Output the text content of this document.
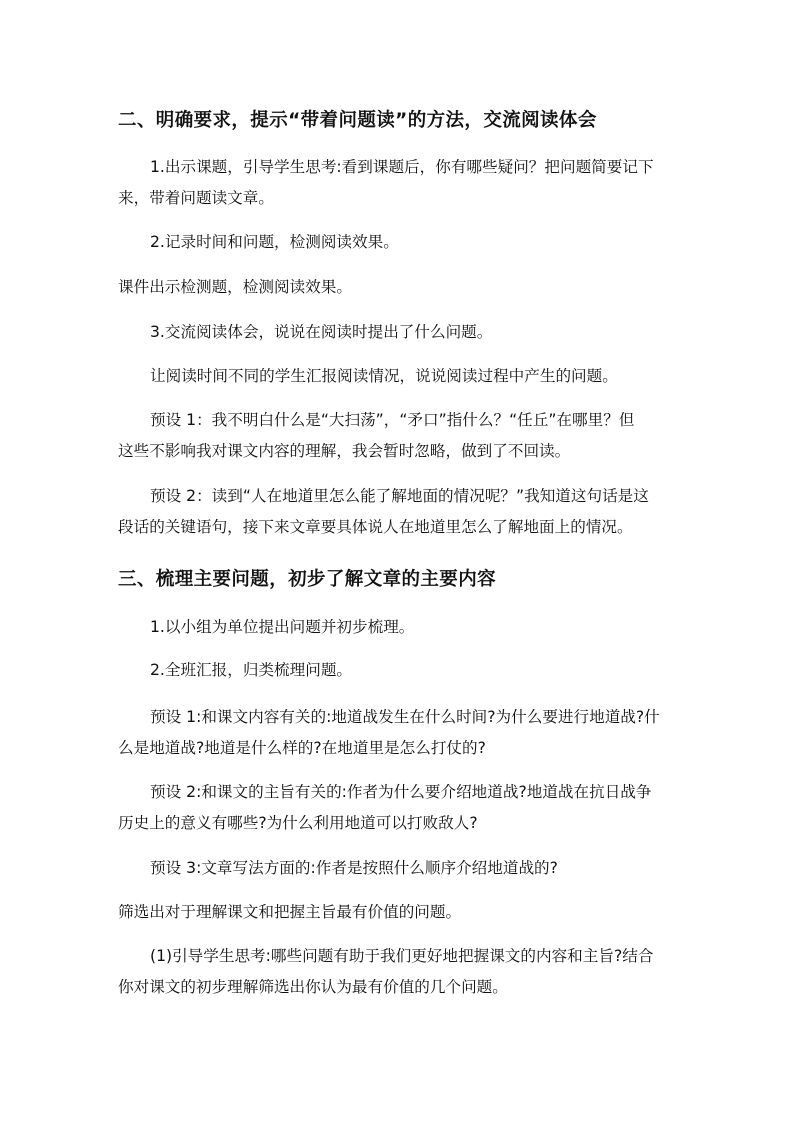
二、明确要求，提示“带着问题读”的方法，交流阅读体会
1.出示课题，引导学生思考:看到课题后，你有哪些疑问？把问题简要记下
来，带着问题读文章。
2.记录时间和问题，检测阅读效果。
课件出示检测题，检测阅读效果。
3.交流阅读体会，说说在阅读时提出了什么问题。
让阅读时间不同的学生汇报阅读情况，说说阅读过程中产生的问题。
预设 1：我不明白什么是“大扫荡”，“矛口”指什么？“任丘”在哪里？但
这些不影响我对课文内容的理解，我会暂时忽略，做到了不回读。
预设 2：读到“人在地道里怎么能了解地面的情况呢？”我知道这句话是这
段话的关键语句，接下来文章要具体说人在地道里怎么了解地面上的情况。
三、梳理主要问题，初步了解文章的主要内容
1.以小组为单位提出问题并初步梳理。
2.全班汇报，归类梳理问题。
预设 1:和课文内容有关的:地道战发生在什么时间?为什么要进行地道战?什
么是地道战?地道是什么样的?在地道里是怎么打仗的?
预设 2:和课文的主旨有关的:作者为什么要介绍地道战?地道战在抗日战争
历史上的意义有哪些?为什么利用地道可以打败敌人?
预设 3:文章写法方面的:作者是按照什么顺序介绍地道战的?
筛选出对于理解课文和把握主旨最有价值的问题。
(1)引导学生思考:哪些问题有助于我们更好地把握课文的内容和主旨?结合
你对课文的初步理解筛选出你认为最有价值的几个问题。
